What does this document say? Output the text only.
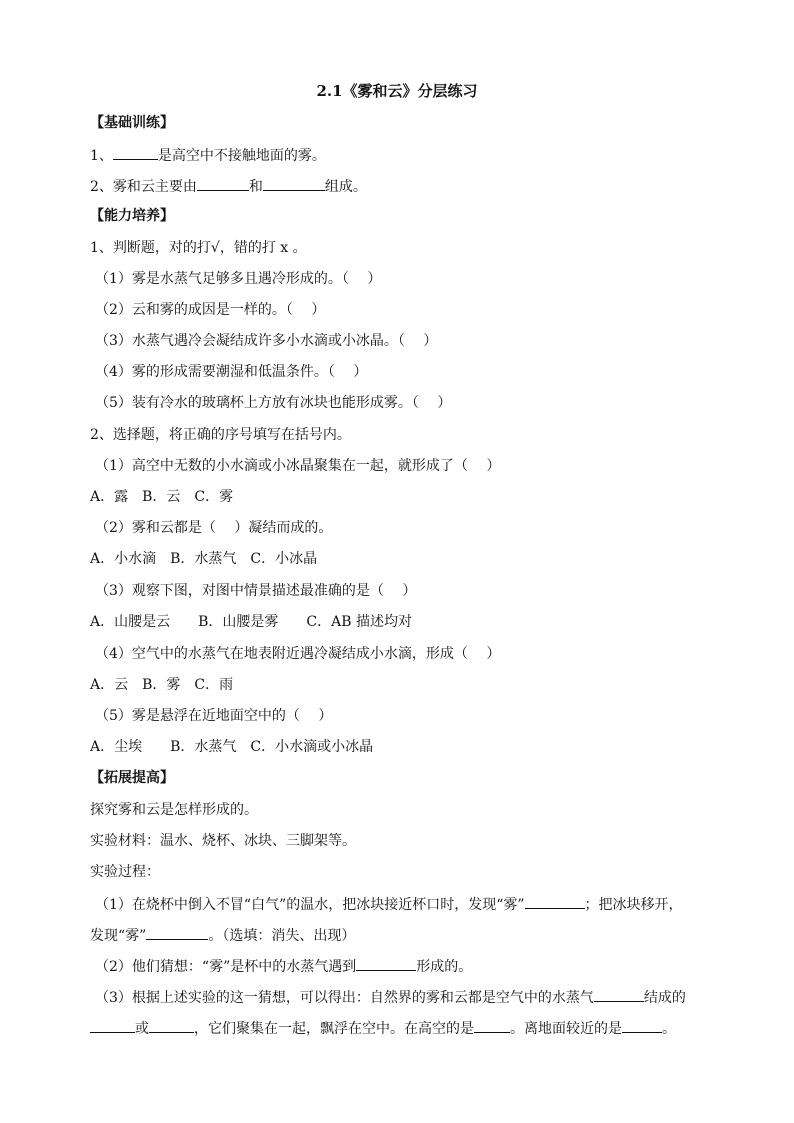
2.1《雾和云》分层练习
【基础训练】
1、	是高空中不接触地面的雾。
2、雾和云主要由	和	组成。
【能力培养】
1、判断题，对的打√，错的打 x 。
（1）雾是水蒸气足够多且遇冷形成的。（　 ）
（2）云和雾的成因是一样的。（　 ）
（3）水蒸气遇冷会凝结成许多小水滴或小冰晶。（　 ）
（4）雾的形成需要潮湿和低温条件。（　 ）
（5）装有冷水的玻璃杯上方放有冰块也能形成雾。（　 ）
2、选择题，将正确的序号填写在括号内。
（1）高空中无数的小水滴或小冰晶聚集在一起，就形成了（　 ）
A．露　B．云　C．雾
（2）雾和云都是（　 ）凝结而成的。
A．小水滴　B．水蒸气　C．小冰晶
（3）观察下图，对图中情景描述最准确的是（　 ）
A．山腰是云　　B．山腰是雾　　C．AB 描述均对
（4）空气中的水蒸气在地表附近遇冷凝结成小水滴，形成（　 ）
A．云　B．雾　C．雨
（5）雾是悬浮在近地面空中的（　 ）
A．尘埃　　B．水蒸气　C．小水滴或小冰晶
【拓展提高】
探究雾和云是怎样形成的。
实验材料：温水、烧杯、冰块、三脚架等。
实验过程：
（1）在烧杯中倒入不冒“白气”的温水，把冰块接近杯口时，发现“雾”	；把冰块移开，
发现“雾”	。（选填：消失、出现）
（2）他们猜想：“雾”是杯中的水蒸气遇到	形成的。
（3）根据上述实验的这一猜想，可以得出：自然界的雾和云都是空气中的水蒸气	结成的
或	，它们聚集在一起，飘浮在空中。在高空的是	。离地面较近的是	。
